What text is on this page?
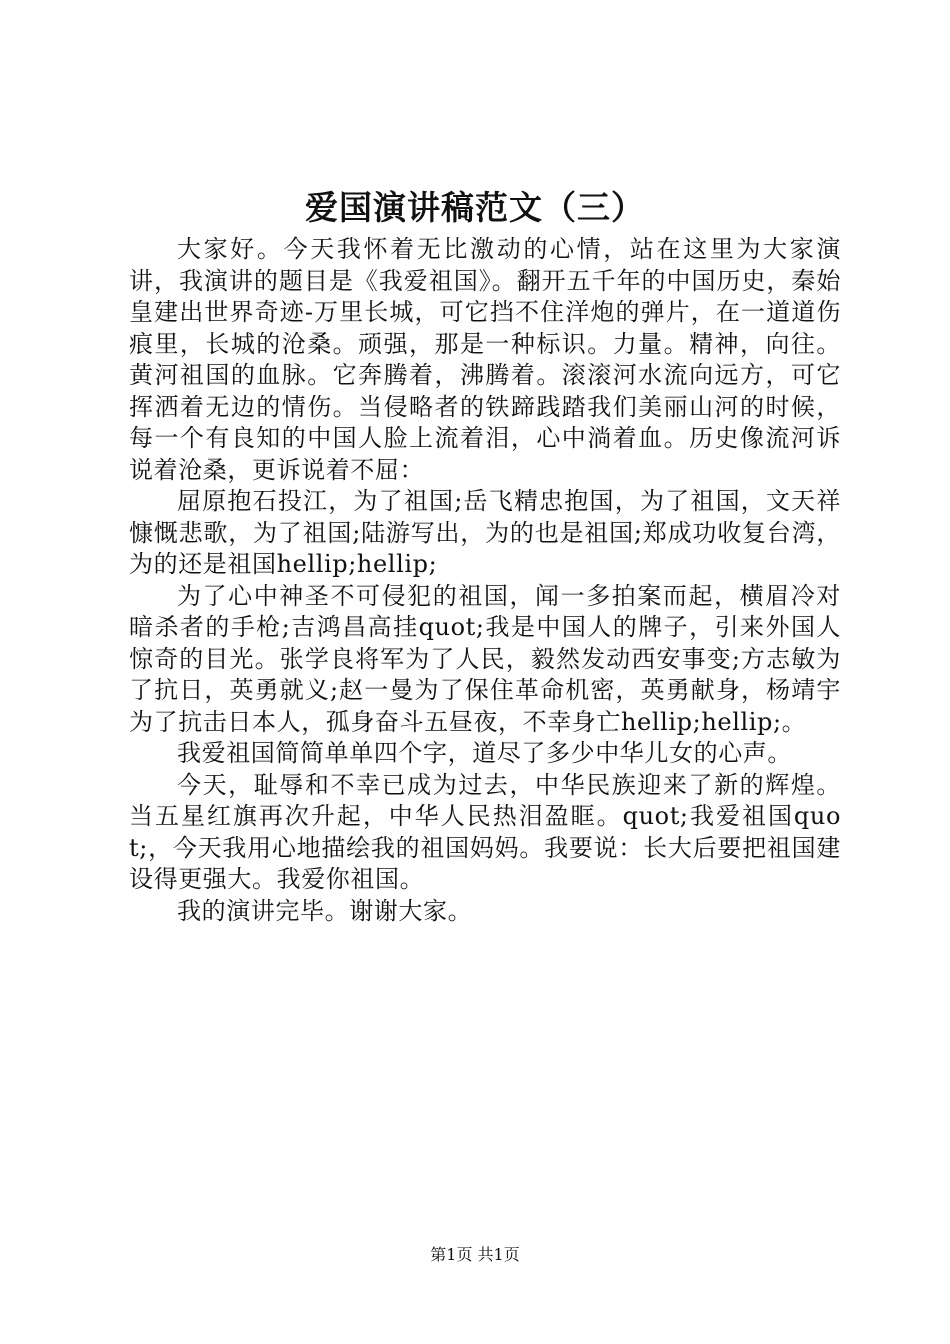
爱国演讲稿范文（三）

大家好。今天我怀着无比激动的心情，站在这里为大家演讲，我演讲的题目是《我爱祖国》。翻开五千年的中国历史，秦始皇建出世界奇迹-万里长城，可它挡不住洋炮的弹片，在一道道伤痕里，长城的沧桑。顽强，那是一种标识。力量。精神，向往。黄河祖国的血脉。它奔腾着，沸腾着。滚滚河水流向远方，可它挥洒着无边的情伤。当侵略者的铁蹄践踏我们美丽山河的时候，每一个有良知的中国人脸上流着泪，心中淌着血。历史像流河诉说着沧桑，更诉说着不屈：

屈原抱石投江，为了祖国;岳飞精忠抱国，为了祖国，文天祥慷慨悲歌，为了祖国;陆游写出，为的也是祖国;郑成功收复台湾，为的还是祖国hellip;hellip;

为了心中神圣不可侵犯的祖国，闻一多拍案而起，横眉冷对暗杀者的手枪;吉鸿昌高挂quot;我是中国人的牌子，引来外国人惊奇的目光。张学良将军为了人民，毅然发动西安事变;方志敏为了抗日，英勇就义;赵一曼为了保住革命机密，英勇献身，杨靖宇为了抗击日本人，孤身奋斗五昼夜，不幸身亡hellip;hellip;。

我爱祖国简简单单四个字，道尽了多少中华儿女的心声。

今天，耻辱和不幸已成为过去，中华民族迎来了新的辉煌。当五星红旗再次升起，中华人民热泪盈眶。quot;我爱祖国quot;，今天我用心地描绘我的祖国妈妈。我要说：长大后要把祖国建设得更强大。我爱你祖国。

我的演讲完毕。谢谢大家。

第1页 共1页
